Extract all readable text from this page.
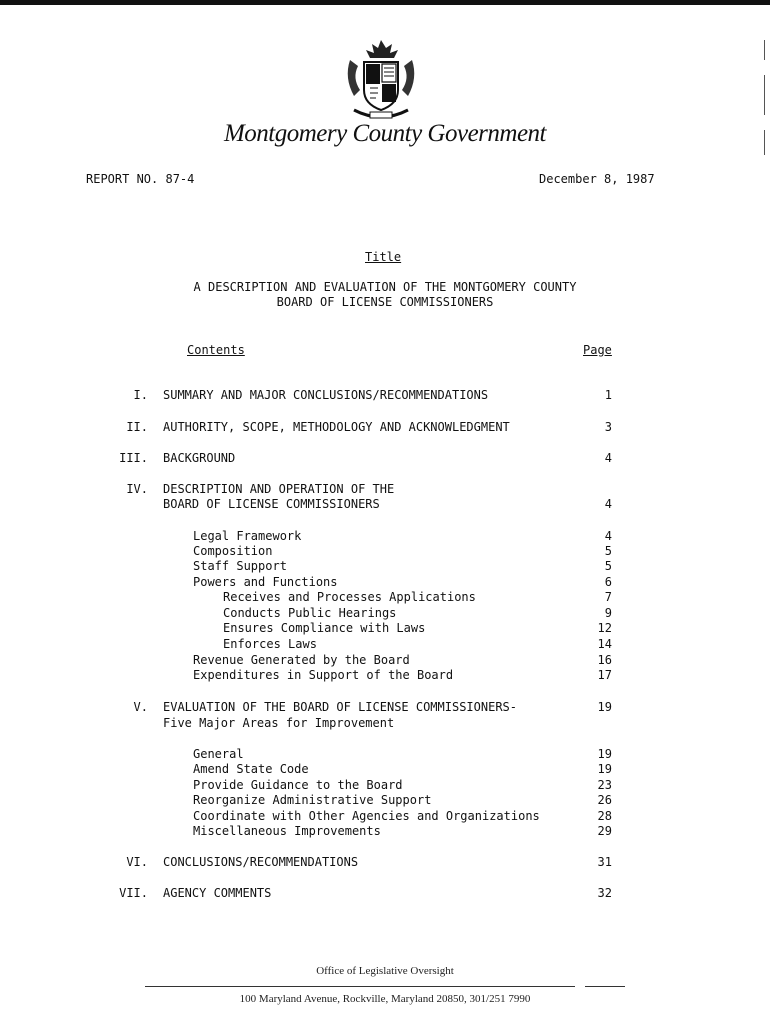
Montgomery County Government
REPORT NO. 87-4	December 8, 1987
Title
A DESCRIPTION AND EVALUATION OF THE MONTGOMERY COUNTY
BOARD OF LICENSE COMMISSIONERS
Contents	Page
I. SUMMARY AND MAJOR CONCLUSIONS/RECOMMENDATIONS	1
II. AUTHORITY, SCOPE, METHODOLOGY AND ACKNOWLEDGMENT	3
III. BACKGROUND	4
IV. DESCRIPTION AND OPERATION OF THE
BOARD OF LICENSE COMMISSIONERS	4
Legal Framework	4
Composition	5
Staff Support	5
Powers and Functions	6
Receives and Processes Applications	7
Conducts Public Hearings	9
Ensures Compliance with Laws	12
Enforces Laws	14
Revenue Generated by the Board	16
Expenditures in Support of the Board	17
V. EVALUATION OF THE BOARD OF LICENSE COMMISSIONERS-	19
Five Major Areas for Improvement
General	19
Amend State Code	19
Provide Guidance to the Board	23
Reorganize Administrative Support	26
Coordinate with Other Agencies and Organizations	28
Miscellaneous Improvements	29
VI. CONCLUSIONS/RECOMMENDATIONS	31
VII. AGENCY COMMENTS	32
Office of Legislative Oversight
100 Maryland Avenue, Rockville, Maryland 20850, 301/251 7990
